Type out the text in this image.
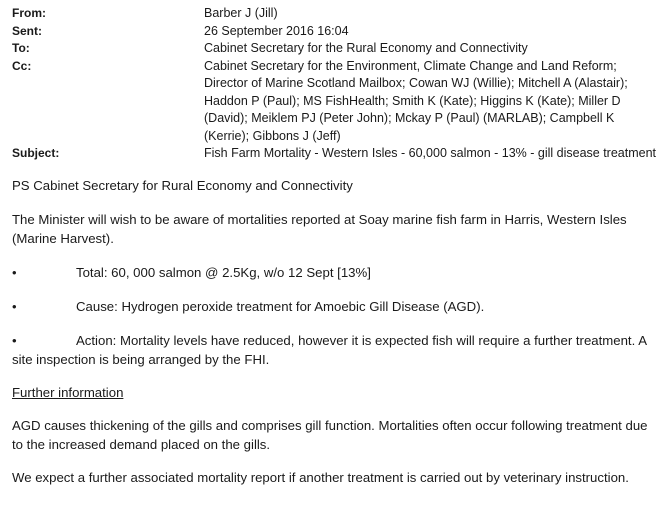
From:	Barber J (Jill)
Sent:	26 September 2016 16:04
To:	Cabinet Secretary for the Rural Economy and Connectivity
Cc:	Cabinet Secretary for the Environment, Climate Change and Land Reform; Director of Marine Scotland Mailbox; Cowan WJ (Willie); Mitchell A (Alastair); Haddon P (Paul); MS FishHealth; Smith K (Kate); Higgins K (Kate); Miller D (David); Meiklem PJ (Peter John); Mckay P (Paul) (MARLAB); Campbell K (Kerrie); Gibbons J (Jeff)
Subject:	Fish Farm Mortality - Western Isles - 60,000 salmon - 13% - gill disease treatment

PS Cabinet Secretary for Rural Economy and Connectivity

The Minister will wish to be aware of mortalities reported at Soay marine fish farm in Harris, Western Isles (Marine Harvest).

•	Total: 60, 000 salmon @ 2.5Kg, w/o 12 Sept [13%]
•	Cause: Hydrogen peroxide treatment for Amoebic Gill Disease (AGD).

•	Action: Mortality levels have reduced, however it is expected fish will require a further treatment. A site inspection is being arranged by the FHI.

Further information

AGD causes thickening of the gills and comprises gill function. Mortalities often occur following treatment due to the increased demand placed on the gills.

We expect a further associated mortality report if another treatment is carried out by veterinary instruction.
